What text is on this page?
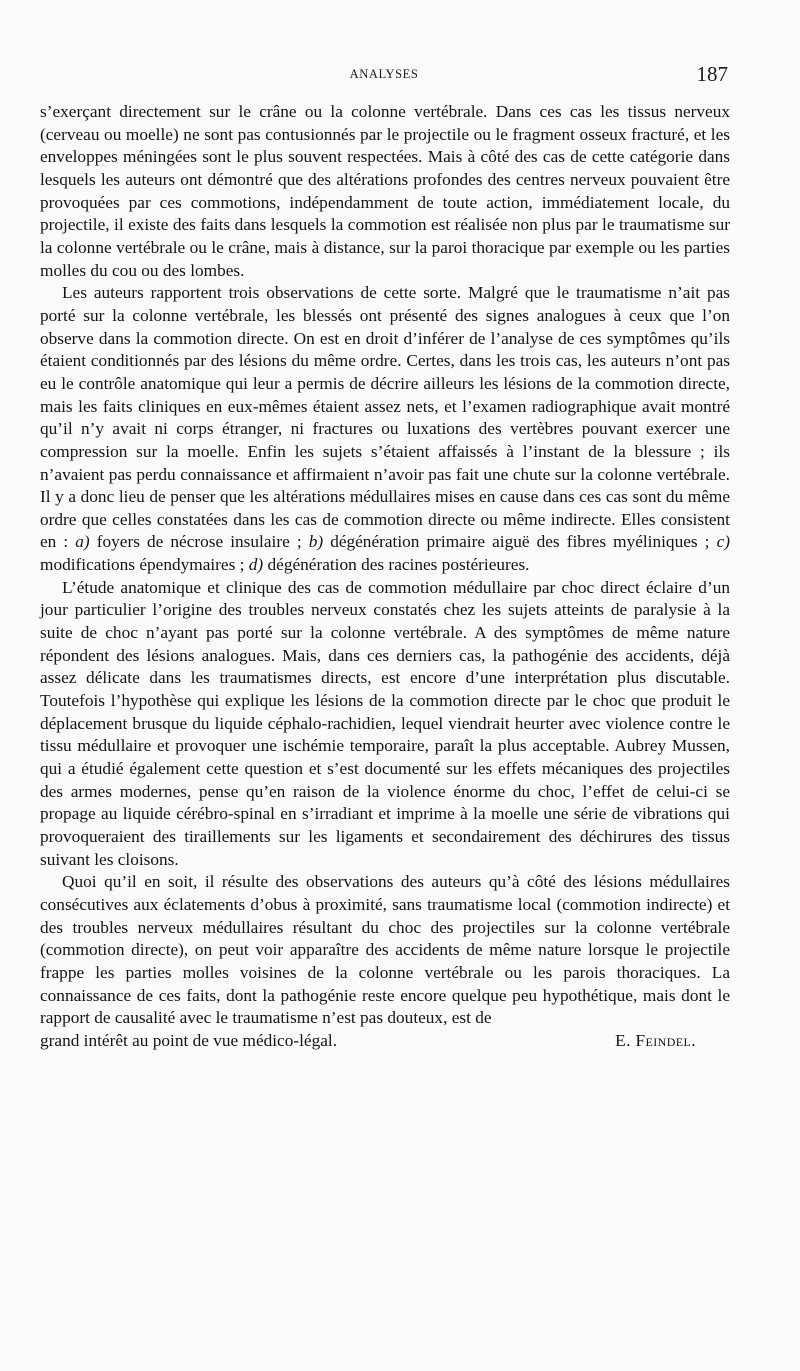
ANALYSES	187

s’exerçant directement sur le crâne ou la colonne vertébrale. Dans ces cas les tissus nerveux (cerveau ou moelle) ne sont pas contusionnés par le projectile ou le fragment osseux fracturé, et les enveloppes méningées sont le plus souvent respectées. Mais à côté des cas de cette catégorie dans lesquels les auteurs ont démontré que des altérations profondes des centres nerveux pouvaient être provoquées par ces commotions, indépendamment de toute action, immédiatement locale, du projectile, il existe des faits dans lesquels la commotion est réalisée non plus par le traumatisme sur la colonne vertébrale ou le crâne, mais à distance, sur la paroi thoracique par exemple ou les parties molles du cou ou des lombes.

Les auteurs rapportent trois observations de cette sorte. Malgré que le traumatisme n’ait pas porté sur la colonne vertébrale, les blessés ont présenté des signes analogues à ceux que l’on observe dans la commotion directe. On est en droit d’inférer de l’analyse de ces symptômes qu’ils étaient conditionnés par des lésions du même ordre. Certes, dans les trois cas, les auteurs n’ont pas eu le contrôle anatomique qui leur a permis de décrire ailleurs les lésions de la commotion directe, mais les faits cliniques en eux-mêmes étaient assez nets, et l’examen radiographique avait montré qu’il n’y avait ni corps étranger, ni fractures ou luxations des vertèbres pouvant exercer une compression sur la moelle. Enfin les sujets s’étaient affaissés à l’instant de la blessure ; ils n’avaient pas perdu connaissance et affirmaient n’avoir pas fait une chute sur la colonne vertébrale. Il y a donc lieu de penser que les altérations médullaires mises en cause dans ces cas sont du même ordre que celles constatées dans les cas de commotion directe ou même indirecte. Elles consistent en : a) foyers de nécrose insulaire ; b) dégénération primaire aiguë des fibres myéliniques ; c) modifications épendymaires ; d) dégénération des racines postérieures.

L’étude anatomique et clinique des cas de commotion médullaire par choc direct éclaire d’un jour particulier l’origine des troubles nerveux constatés chez les sujets atteints de paralysie à la suite de choc n’ayant pas porté sur la colonne vertébrale. A des symptômes de même nature répondent des lésions analogues. Mais, dans ces derniers cas, la pathogénie des accidents, déjà assez délicate dans les traumatismes directs, est encore d’une interprétation plus discutable. Toutefois l’hypothèse qui explique les lésions de la commotion directe par le choc que produit le déplacement brusque du liquide céphalo-rachidien, lequel viendrait heurter avec violence contre le tissu médullaire et provoquer une ischémie temporaire, paraît la plus acceptable. Aubrey Mussen, qui a étudié également cette question et s’est documenté sur les effets mécaniques des projectiles des armes modernes, pense qu’en raison de la violence énorme du choc, l’effet de celui-ci se propage au liquide cérébro-spinal en s’irradiant et imprime à la moelle une série de vibrations qui provoqueraient des tiraillements sur les ligaments et secondairement des déchirures des tissus suivant les cloisons.

Quoi qu’il en soit, il résulte des observations des auteurs qu’à côté des lésions médullaires consécutives aux éclatements d’obus à proximité, sans traumatisme local (commotion indirecte) et des troubles nerveux médullaires résultant du choc des projectiles sur la colonne vertébrale (commotion directe), on peut voir apparaître des accidents de même nature lorsque le projectile frappe les parties molles voisines de la colonne vertébrale ou les parois thoraciques. La connaissance de ces faits, dont la pathogénie reste encore quelque peu hypothétique, mais dont le rapport de causalité avec le traumatisme n’est pas douteux, est de

grand intérêt au point de vue médico-légal.	E. Feindel.
